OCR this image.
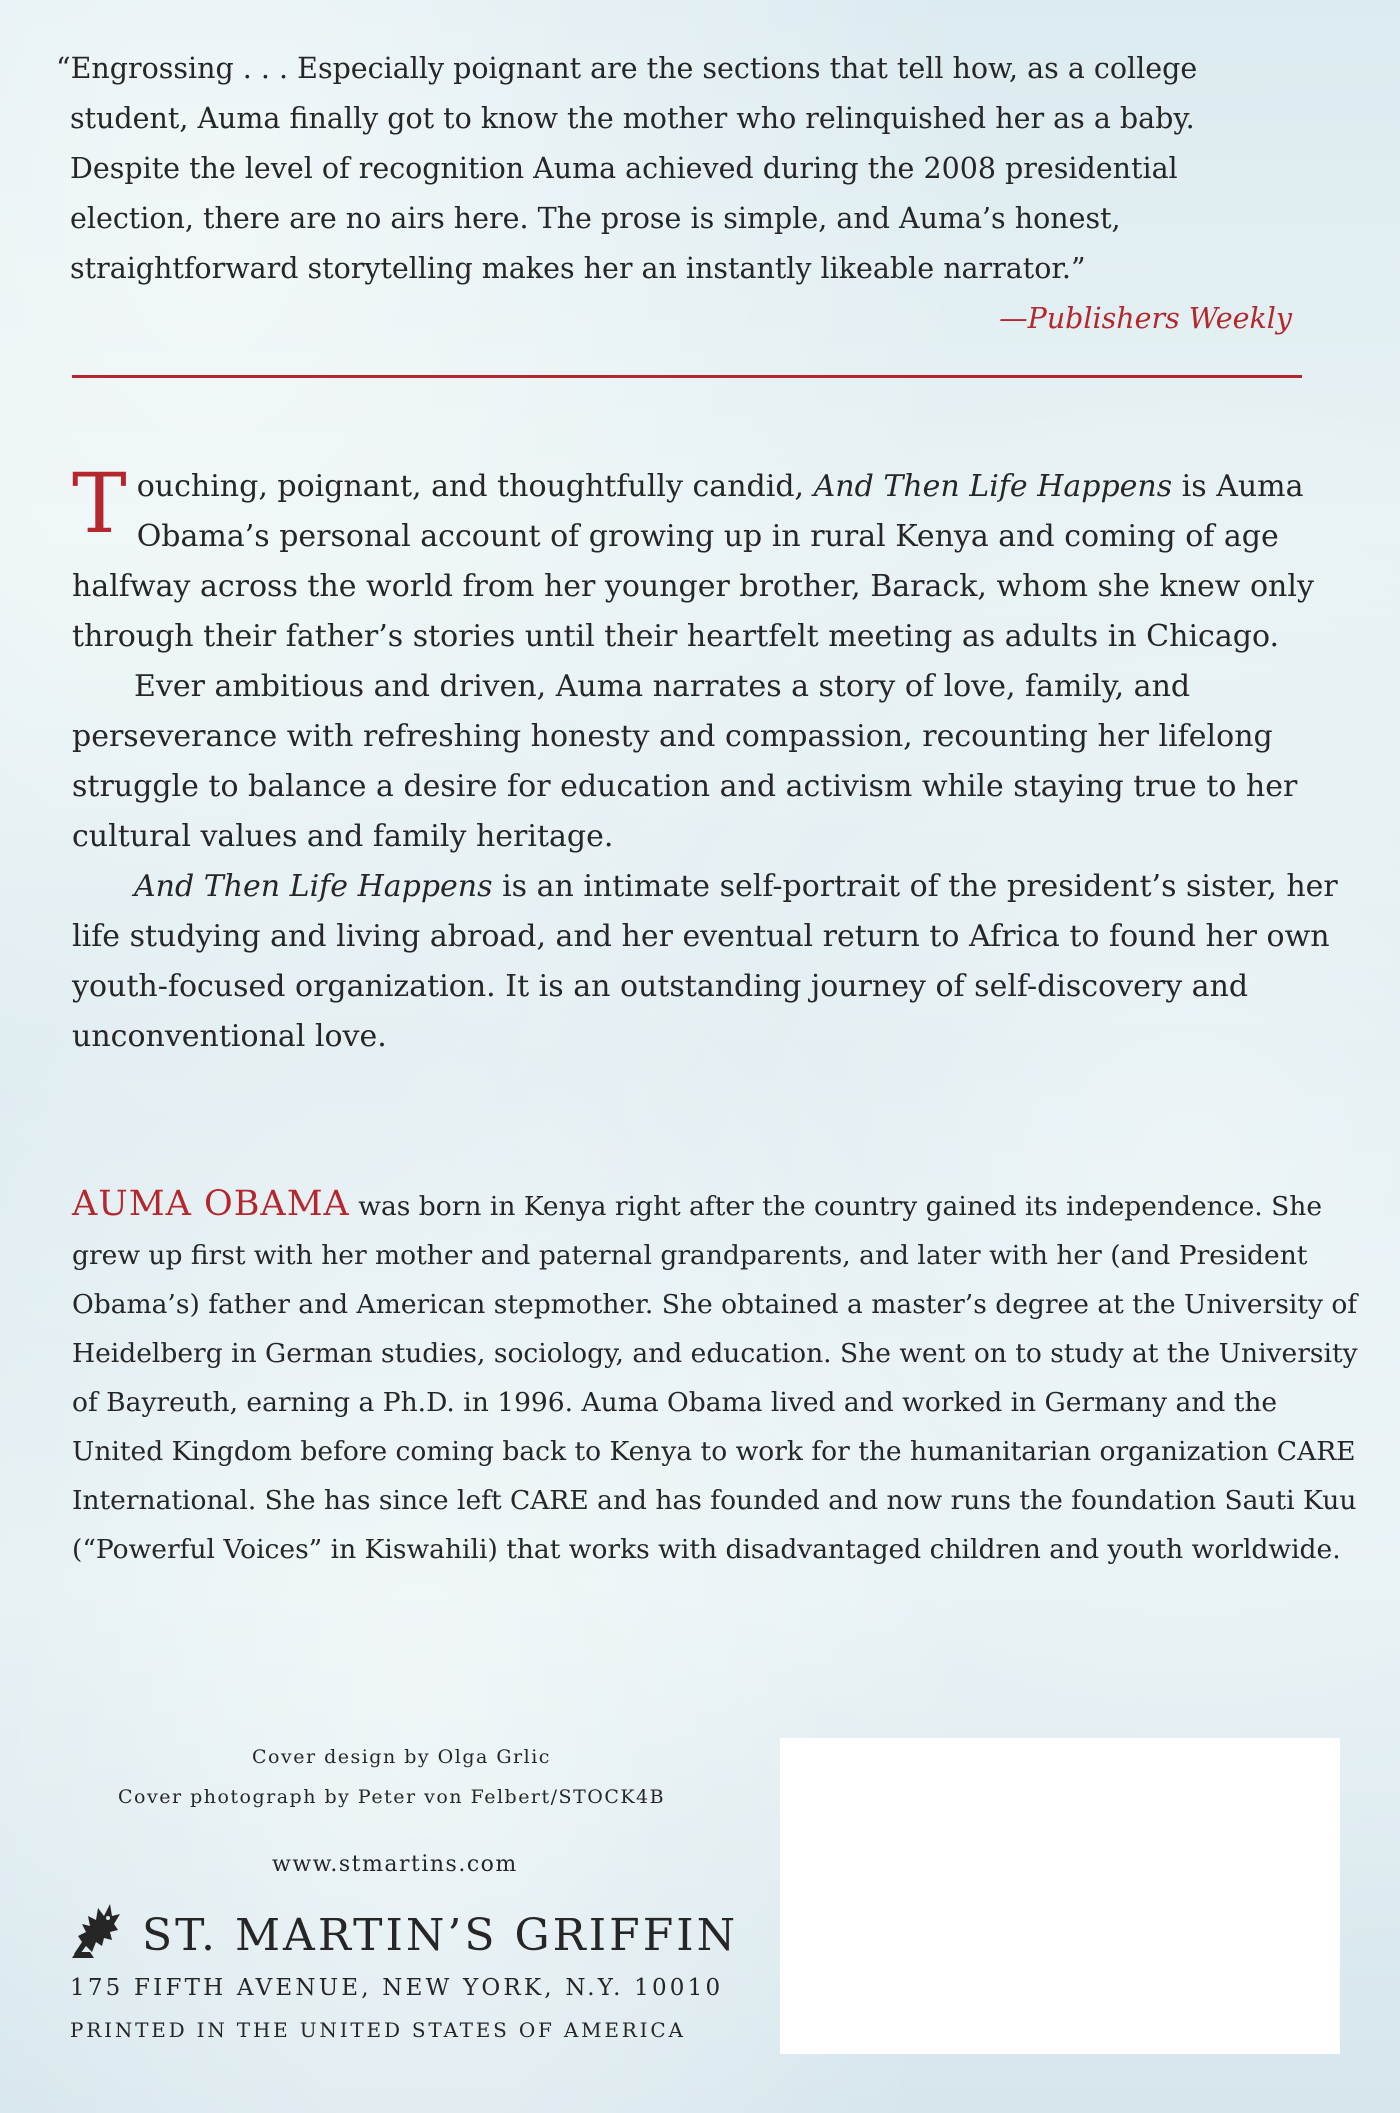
“Engrossing . . . Especially poignant are the sections that tell how, as a college
student, Auma finally got to know the mother who relinquished her as a baby.
Despite the level of recognition Auma achieved during the 2008 presidential
election, there are no airs here. The prose is simple, and Auma’s honest,
straightforward storytelling makes her an instantly likeable narrator.”
—Publishers Weekly

Touching, poignant, and thoughtfully candid, And Then Life Happens is Auma Obama’s personal account of growing up in rural Kenya and coming of age halfway across the world from her younger brother, Barack, whom she knew only through their father’s stories until their heartfelt meeting as adults in Chicago.

Ever ambitious and driven, Auma narrates a story of love, family, and perseverance with refreshing honesty and compassion, recounting her lifelong struggle to balance a desire for education and activism while staying true to her cultural values and family heritage.

And Then Life Happens is an intimate self-portrait of the president’s sister, her life studying and living abroad, and her eventual return to Africa to found her own youth-focused organization. It is an outstanding journey of self-discovery and unconventional love.

AUMA OBAMA was born in Kenya right after the country gained its independence. She grew up first with her mother and paternal grandparents, and later with her (and President Obama’s) father and American stepmother. She obtained a master’s degree at the University of Heidelberg in German studies, sociology, and education. She went on to study at the University of Bayreuth, earning a Ph.D. in 1996. Auma Obama lived and worked in Germany and the United Kingdom before coming back to Kenya to work for the humanitarian organization CARE International. She has since left CARE and has founded and now runs the foundation Sauti Kuu (“Powerful Voices” in Kiswahili) that works with disadvantaged children and youth worldwide.
Cover design by Olga Grlic
Cover photograph by Peter von Felbert/STOCK4B
www.stmartins.com
ST. MARTIN’S GRIFFIN
175 FIFTH AVENUE, NEW YORK, N.Y. 10010
PRINTED IN THE UNITED STATES OF AMERICA
